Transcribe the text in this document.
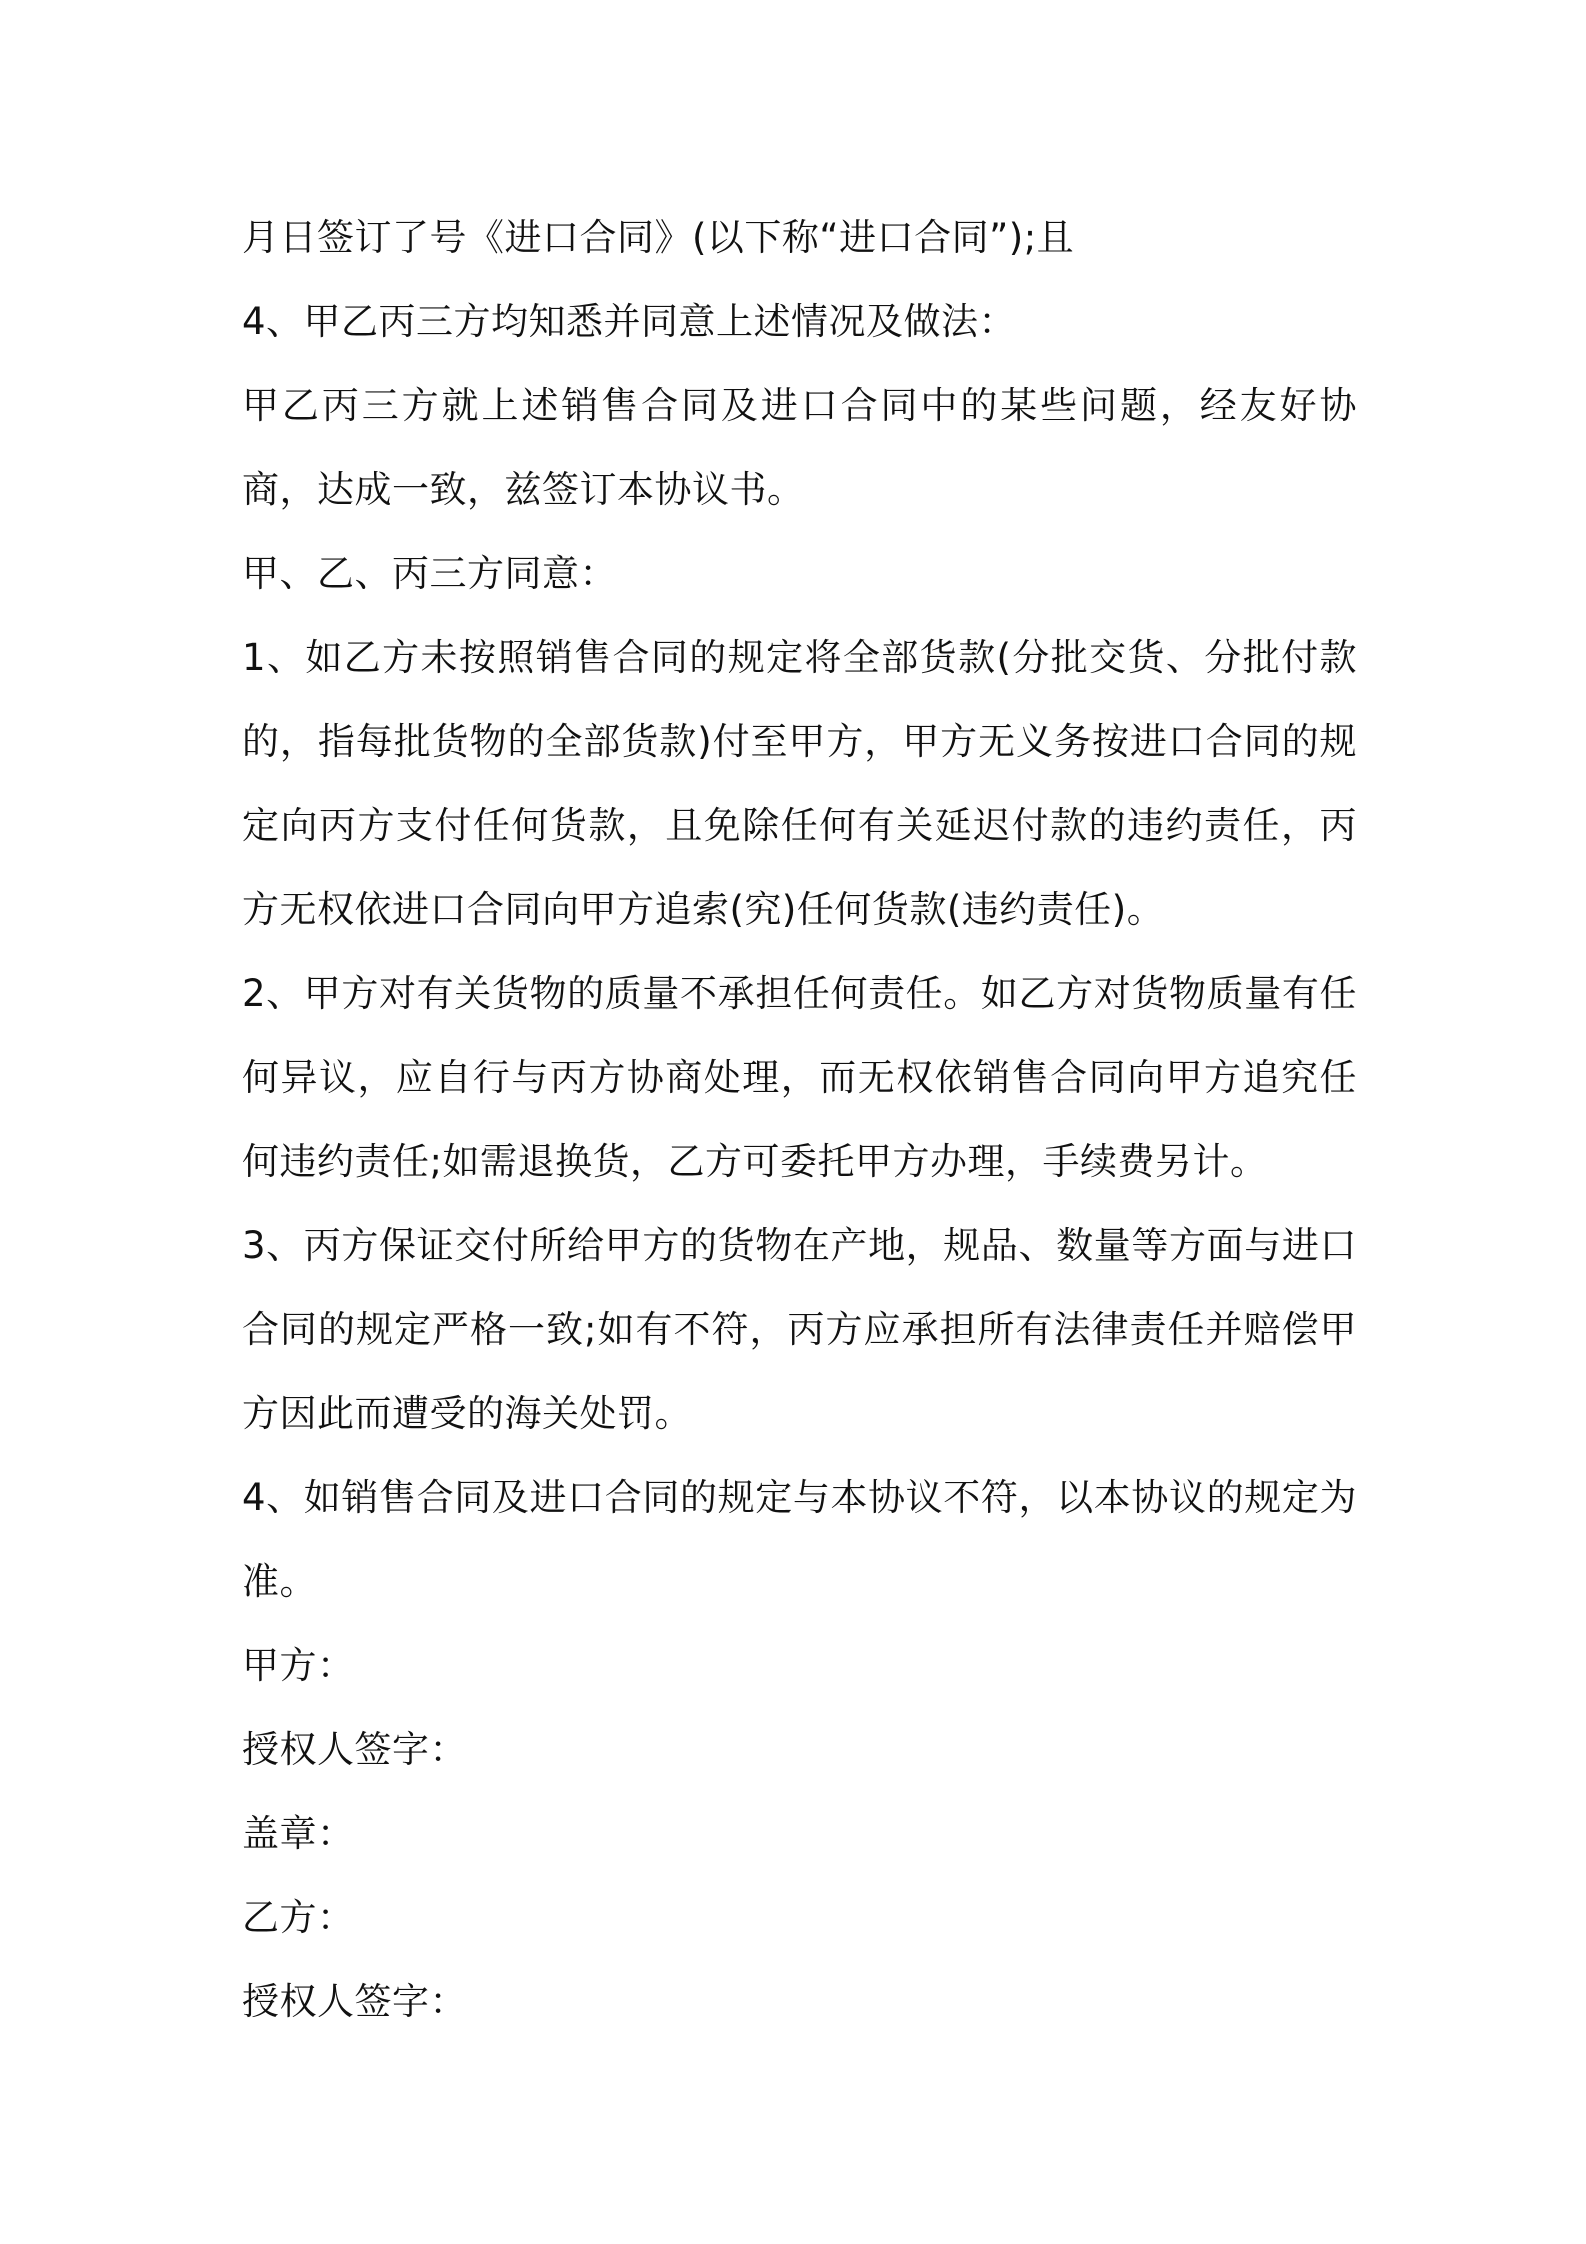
月日签订了号《进口合同》(以下称“进口合同”);且

4、甲乙丙三方均知悉并同意上述情况及做法：

甲乙丙三方就上述销售合同及进口合同中的某些问题，经友好协商，达成一致，兹签订本协议书。

甲、乙、丙三方同意：

1、如乙方未按照销售合同的规定将全部货款(分批交货、分批付款的，指每批货物的全部货款)付至甲方，甲方无义务按进口合同的规定向丙方支付任何货款，且免除任何有关延迟付款的违约责任，丙方无权依进口合同向甲方追索(究)任何货款(违约责任)。

2、甲方对有关货物的质量不承担任何责任。如乙方对货物质量有任何异议，应自行与丙方协商处理，而无权依销售合同向甲方追究任何违约责任;如需退换货，乙方可委托甲方办理，手续费另计。

3、丙方保证交付所给甲方的货物在产地，规品、数量等方面与进口合同的规定严格一致;如有不符，丙方应承担所有法律责任并赔偿甲方因此而遭受的海关处罚。

4、如销售合同及进口合同的规定与本协议不符，以本协议的规定为准。

甲方：

授权人签字：

盖章：

乙方：

授权人签字：
